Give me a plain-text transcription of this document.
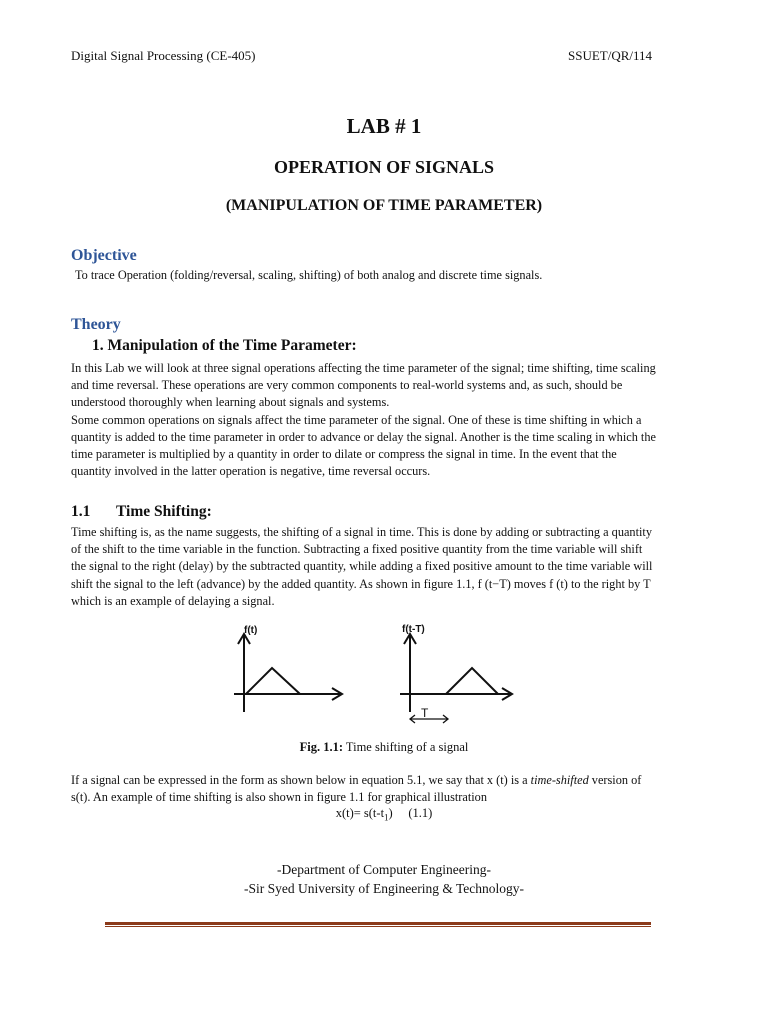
Digital Signal Processing (CE-405)	SSUET/QR/114
LAB # 1
OPERATION OF SIGNALS
(MANIPULATION OF TIME PARAMETER)
Objective
To trace Operation (folding/reversal, scaling, shifting) of both analog and discrete time signals.
Theory
1. Manipulation of the Time Parameter:
In this Lab we will look at three signal operations affecting the time parameter of the signal; time shifting, time scaling
and time reversal. These operations are very common components to real-world systems and, as such, should be
understood thoroughly when learning about signals and systems.
Some common operations on signals affect the time parameter of the signal. One of these is time shifting in which a
quantity is added to the time parameter in order to advance or delay the signal. Another is the time scaling in which the
time parameter is multiplied by a quantity in order to dilate or compress the signal in time. In the event that the
quantity involved in the latter operation is negative, time reversal occurs.
1.1 Time Shifting:
Time shifting is, as the name suggests, the shifting of a signal in time. This is done by adding or subtracting a quantity
of the shift to the time variable in the function. Subtracting a fixed positive quantity from the time variable will shift
the signal to the right (delay) by the subtracted quantity, while adding a fixed positive amount to the time variable will
shift the signal to the left (advance) by the added quantity. As shown in figure 1.1, f (t−T) moves f (t) to the right by T
which is an example of delaying a signal.
f(t)	f(t-T)
T
Fig. 1.1: Time shifting of a signal
If a signal can be expressed in the form as shown below in equation 5.1, we say that x (t) is a time-shifted version of
s(t). An example of time shifting is also shown in figure 1.1 for graphical illustration
$x(t)= s(t-t_1)$     (1.1)
-Department of Computer Engineering-
-Sir Syed University of Engineering & Technology-
